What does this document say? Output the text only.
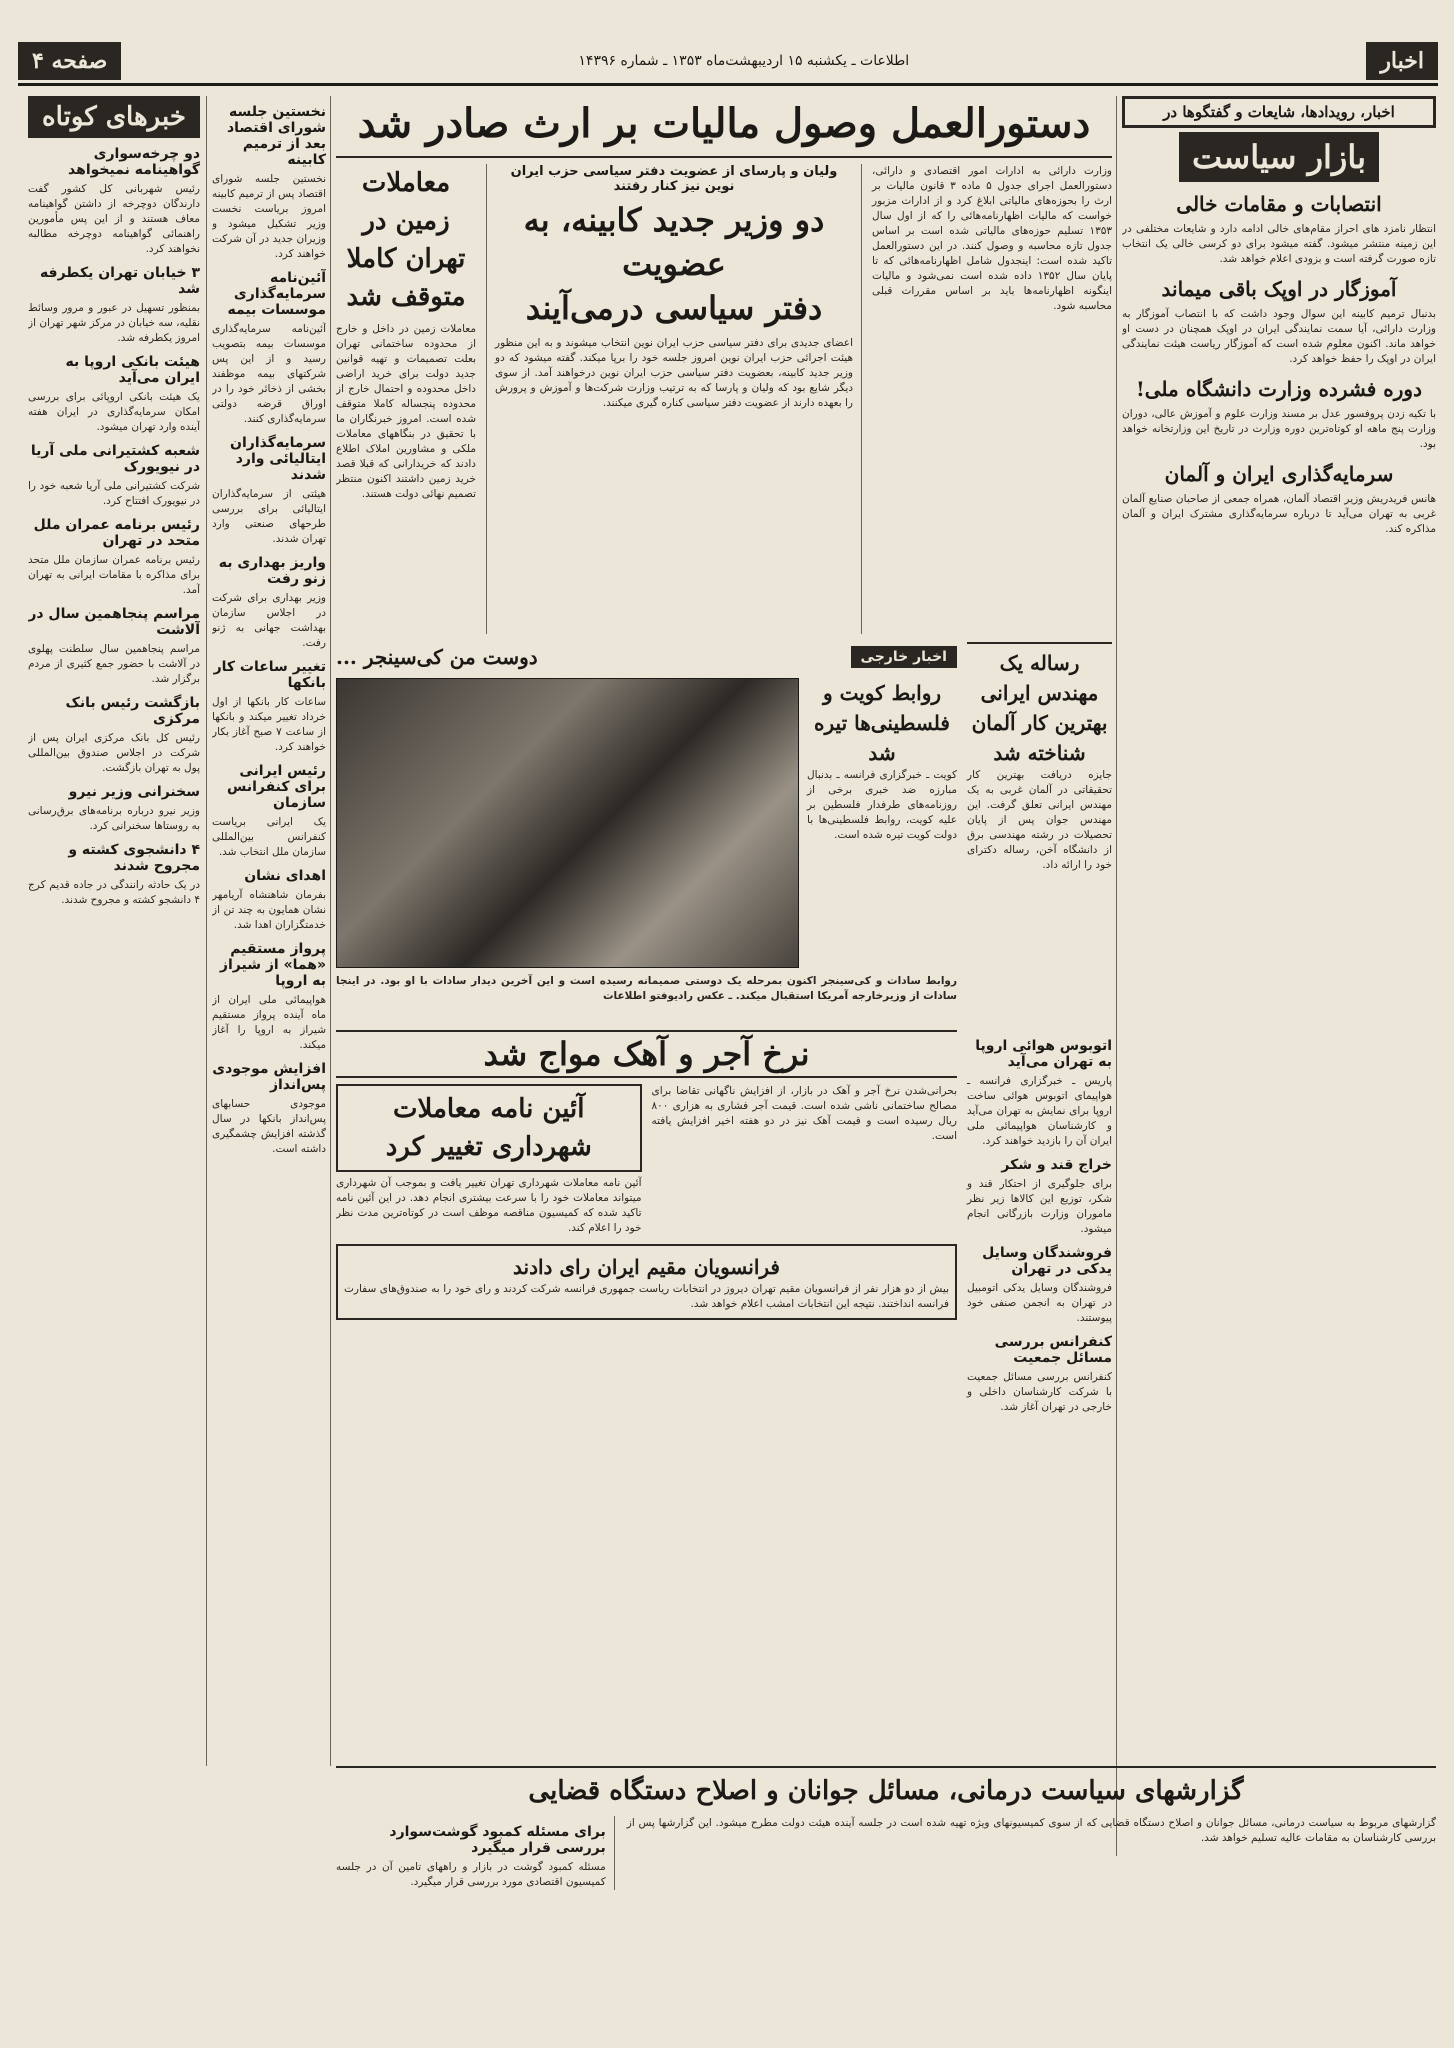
اخبار
اطلاعات ـ یکشنبه ۱۵ اردیبهشت‌ماه ۱۳۵۳ ـ شماره ۱۴۳۹۶
صفحه ۴
خبرهای کوتاه
دو چرخه‌سواری گواهینامه نمیخواهد
رئیس شهربانی کل کشور گفت دارندگان دوچرخه از داشتن گواهینامه معاف هستند و از این پس مأمورین راهنمائی گواهینامه دوچرخه مطالبه نخواهند کرد.
۳ خیابان تهران یکطرفه شد
بمنظور تسهیل در عبور و مرور وسائط نقلیه، سه خیابان در مرکز شهر تهران از امروز یکطرفه شد.
هیئت بانکی اروپا به ایران می‌آید
یک هیئت بانکی اروپائی برای بررسی امکان سرمایه‌گذاری در ایران هفته آینده وارد تهران میشود.
شعبه کشتیرانی ملی آریا در نیویورک
شرکت کشتیرانی ملی آریا شعبه خود را در نیویورک افتتاح کرد.
رئیس برنامه عمران ملل متحد در تهران
رئیس برنامه عمران سازمان ملل متحد برای مذاکره با مقامات ایرانی به تهران آمد.
مراسم پنجاهمین سال در آلاشت
مراسم پنجاهمین سال سلطنت پهلوی در آلاشت با حضور جمع کثیری از مردم برگزار شد.
بازگشت رئیس بانک مرکزی
رئیس کل بانک مرکزی ایران پس از شرکت در اجلاس صندوق بین‌المللی پول به تهران بازگشت.
سخنرانی وزیر نیرو
وزیر نیرو درباره برنامه‌های برق‌رسانی به روستاها سخنرانی کرد.
۴ دانشجوی کشته و مجروح شدند
در یک حادثه رانندگی در جاده قدیم کرج ۴ دانشجو کشته و مجروح شدند.
نخستین جلسه شورای اقتصاد بعد از ترمیم کابینه
نخستین جلسه شورای اقتصاد پس از ترمیم کابینه امروز بریاست نخست وزیر تشکیل میشود و وزیران جدید در آن شرکت خواهند کرد.
آئین‌نامه سرمایه‌گذاری موسسات بیمه
آئین‌نامه سرمایه‌گذاری موسسات بیمه بتصویب رسید و از این پس شرکتهای بیمه موظفند بخشی از ذخائر خود را در اوراق قرضه دولتی سرمایه‌گذاری کنند.
سرمایه‌گذاران ایتالیائی وارد شدند
هیئتی از سرمایه‌گذاران ایتالیائی برای بررسی طرحهای صنعتی وارد تهران شدند.
واریز بهداری به زنو رفت
وزیر بهداری برای شرکت در اجلاس سازمان بهداشت جهانی به ژنو رفت.
تغییر ساعات کار بانکها
ساعات کار بانکها از اول خرداد تغییر میکند و بانکها از ساعت ۷ صبح آغاز بکار خواهند کرد.
رئیس ایرانی برای کنفرانس سازمان
یک ایرانی بریاست کنفرانس بین‌المللی سازمان ملل انتخاب شد.
اهدای نشان
بفرمان شاهنشاه آریامهر نشان همایون به چند تن از خدمتگزاران اهدا شد.
پرواز مستقیم «هما» از شیراز به اروپا
هواپیمائی ملی ایران از ماه آینده پرواز مستقیم شیراز به اروپا را آغاز میکند.
افزایش موجودی پس‌انداز
موجودی حسابهای پس‌انداز بانکها در سال گذشته افزایش چشمگیری داشته است.
دستورالعمل وصول مالیات بر ارث صادر شد
وزارت دارائی به ادارات امور اقتصادی و دارائی، دستورالعمل اجرای جدول ۵ ماده ۳ قانون مالیات بر ارث را بحوزه‌های مالیاتی ابلاغ کرد و از ادارات مزبور خواست که مالیات اظهارنامه‌هائی را که از اول سال ۱۳۵۳ تسلیم حوزه‌های مالیاتی شده است بر اساس جدول تازه محاسبه و وصول کنند. در این دستورالعمل تاکید شده است: اینجدول شامل اظهارنامه‌هائی که تا پایان سال ۱۳۵۲ داده شده است نمی‌شود و مالیات اینگونه اظهارنامه‌ها باید بر اساس مقررات قبلی محاسبه شود.
ولیان و پارسای از عضویت دفتر سیاسی حزب ایران نوین نیز کنار رفتند
دو وزیر جدید کابینه، به عضویت
دفتر سیاسی درمی‌آیند
اعضای جدیدی برای دفتر سیاسی حزب ایران نوین انتخاب میشوند و به این منظور هیئت اجرائی حزب ایران نوین امروز جلسه خود را برپا میکند. گفته میشود که دو وزیر جدید کابینه، بعضویت دفتر سیاسی حزب ایران نوین درخواهند آمد. از سوی دیگر شایع بود که ولیان و پارسا که به ترتیب وزارت شرکت‌ها و آموزش و پرورش را بعهده دارند از عضویت دفتر سیاسی کناره گیری میکنند.
معاملات زمین در تهران کاملا متوقف شد
معاملات زمین در داخل و خارج از محدوده ساختمانی تهران بعلت تصمیمات و تهیه قوانین جدید دولت برای خرید اراضی داخل محدوده و احتمال خارج از محدوده پنجساله کاملا متوقف شده است. امروز خبرنگاران ما با تحقیق در بنگاههای معاملات ملکی و مشاورین املاک اطلاع دادند که خریدارانی که قبلا قصد خرید زمین داشتند اکنون منتظر تصمیم نهائی دولت هستند.
رساله یک مهندس ایرانی بهترین کار آلمان شناخته شد
جایزه دریافت بهترین کار تحقیقاتی در آلمان غربی به یک مهندس ایرانی تعلق گرفت. این مهندس جوان پس از پایان تحصیلات در رشته مهندسی برق از دانشگاه آخن، رساله دکترای خود را ارائه داد.
اخبار خارجی
دوست من کی‌سینجر ...
روابط کویت و فلسطینی‌ها تیره شد
کویت ـ خبرگزاری فرانسه ـ بدنبال مبارزه ضد خبری برخی از روزنامه‌های طرفدار فلسطین بر علیه کویت، روابط فلسطینی‌ها با دولت کویت تیره شده است.
روابط سادات و کی‌سینجر اکنون بمرحله یک دوستی صمیمانه رسیده است و این آخرین دیدار سادات با او بود. در اینجا سادات از وزیرخارجه آمریکا استقبال میکند. ـ عکس رادیوفتو اطلاعات
اتوبوس هوائی اروپا به تهران می‌آید
پاریس ـ خبرگزاری فرانسه ـ هواپیمای اتوبوس هوائی ساخت اروپا برای نمایش به تهران می‌آید و کارشناسان هواپیمائی ملی ایران آن را بازدید خواهند کرد.
خراج قند و شکر
برای جلوگیری از احتکار قند و شکر، توزیع این کالاها زیر نظر ماموران وزارت بازرگانی انجام میشود.
فروشندگان وسایل یدکی در تهران
فروشندگان وسایل یدکی اتومبیل در تهران به انجمن صنفی خود پیوستند.
کنفرانس بررسی مسائل جمعیت
کنفرانس بررسی مسائل جمعیت با شرکت کارشناسان داخلی و خارجی در تهران آغاز شد.
نرخ آجر و آهک مواج شد
بحرانی‌شدن نرخ آجر و آهک در بازار، از افزایش ناگهانی تقاضا برای مصالح ساختمانی ناشی شده است. قیمت آجر فشاری به هزاری ۸۰۰ ریال رسیده است و قیمت آهک نیز در دو هفته اخیر افزایش یافته است.
آئین نامه معاملات شهرداری تغییر کرد
آئین نامه معاملات شهرداری تهران تغییر یافت و بموجب آن شهرداری میتواند معاملات خود را با سرعت بیشتری انجام دهد. در این آئین نامه تاکید شده که کمیسیون مناقصه موظف است در کوتاه‌ترین مدت نظر خود را اعلام کند.
فرانسویان مقیم ایران رای دادند
بیش از دو هزار نفر از فرانسویان مقیم تهران دیروز در انتخابات ریاست جمهوری فرانسه شرکت کردند و رای خود را به صندوق‌های سفارت فرانسه انداختند. نتیجه این انتخابات امشب اعلام خواهد شد.
اخبار، رویدادها، شایعات و گفتگوها در
بازار سیاست
انتصابات و مقامات خالی
انتظار نامزد های احراز مقام‌های خالی ادامه دارد و شایعات مختلفی در این زمینه منتشر میشود. گفته میشود برای دو کرسی خالی یک انتخاب تازه صورت گرفته است و بزودی اعلام خواهد شد.
آموزگار در اوپک باقی میماند
بدنبال ترمیم کابینه این سوال وجود داشت که با انتصاب آموزگار به وزارت دارائی، آیا سمت نمایندگی ایران در اوپک همچنان در دست او خواهد ماند. اکنون معلوم شده است که آموزگار ریاست هیئت نمایندگی ایران در اوپک را حفظ خواهد کرد.
دوره فشرده وزارت دانشگاه ملی!
با تکیه زدن پروفسور عدل بر مسند وزارت علوم و آموزش عالی، دوران وزارت پنج ماهه او کوتاه‌ترین دوره وزارت در تاریخ این وزارتخانه خواهد بود.
سرمایه‌گذاری ایران و آلمان
هانس فریدریش وزیر اقتصاد آلمان، همراه جمعی از صاحبان صنایع آلمان غربی به تهران می‌آید تا درباره سرمایه‌گذاری مشترک ایران و آلمان مذاکره کند.
گزارشهای سیاست درمانی، مسائل جوانان و اصلاح دستگاه قضایی
گزارشهای مربوط به سیاست درمانی، مسائل جوانان و اصلاح دستگاه قضایی که از سوی کمیسیونهای ویژه تهیه شده است در جلسه آینده هیئت دولت مطرح میشود. این گزارشها پس از بررسی کارشناسان به مقامات عالیه تسلیم خواهد شد.
برای مسئله کمبود گوشت‌سوارد بررسی قرار میگیرد
مسئله کمبود گوشت در بازار و راههای تامین آن در جلسه کمیسیون اقتصادی مورد بررسی قرار میگیرد.
